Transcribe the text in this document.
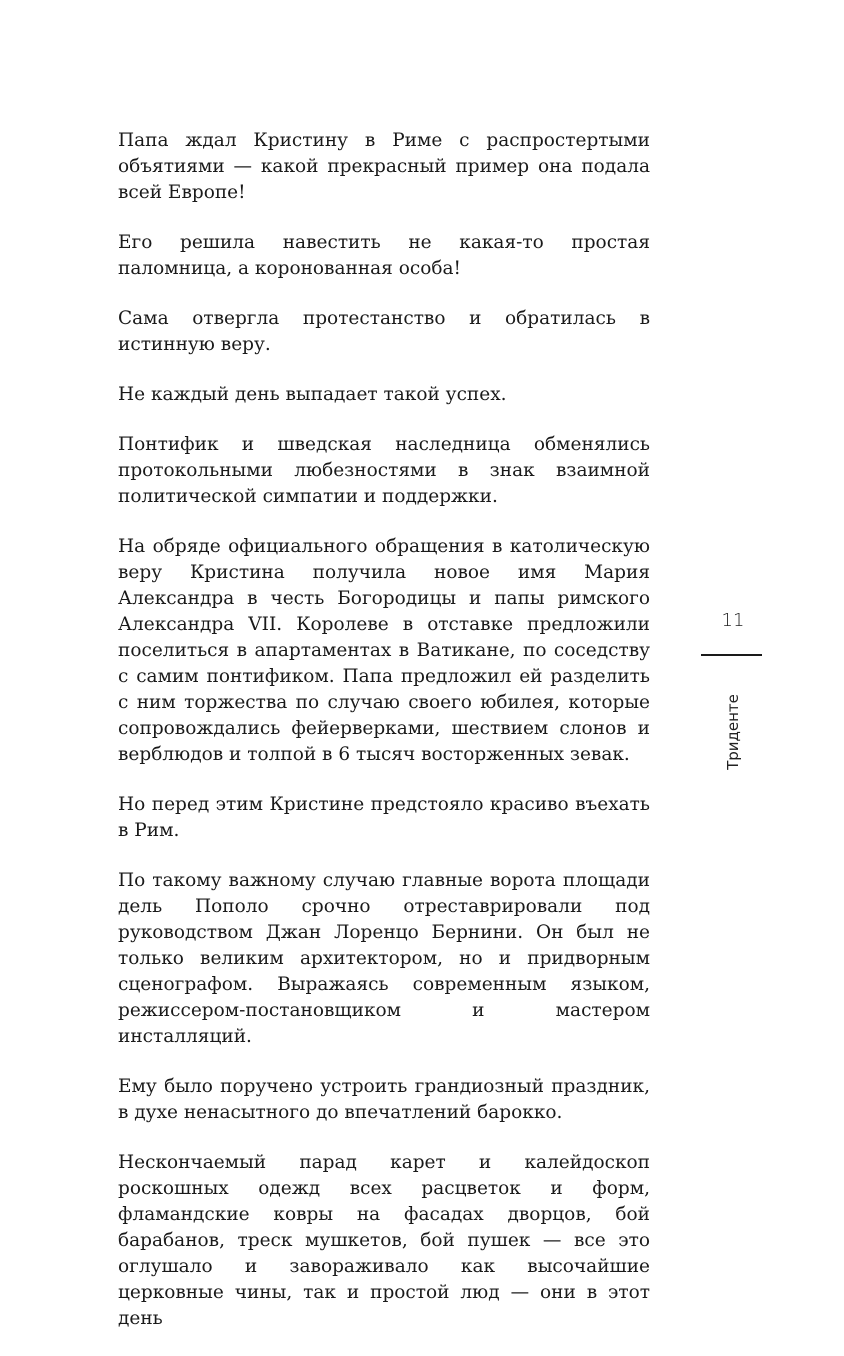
Папа ждал Кристину в Риме с распростертыми объятиями — какой прекрасный пример она подала всей Европе!

Его решила навестить не какая-то простая паломница, а коронованная особа!

Сама отвергла протестанство и обратилась в истинную веру.

Не каждый день выпадает такой успех.

Понтифик и шведская наследница обменялись протокольными любезностями в знак взаимной политической симпатии и поддержки.

На обряде официального обращения в католическую веру Кристина получила новое имя Мария Александра в честь Богородицы и папы римского Александра VII. Королеве в отставке предложили поселиться в апартаментах в Ватикане, по соседству с самим понтификом. Папа предложил ей разделить с ним торжества по случаю своего юбилея, которые сопровождались фейерверками, шествием слонов и верблюдов и толпой в 6 тысяч восторженных зевак.

Но перед этим Кристине предстояло красиво въехать в Рим.

По такому важному случаю главные ворота площади дель Пополо срочно отреставрировали под руководством Джан Лоренцо Бернини. Он был не только великим архитектором, но и придворным сценографом. Выражаясь современным языком, режиссером-постановщиком и мастером инсталляций.

Ему было поручено устроить грандиозный праздник, в духе ненасытного до впечатлений барокко.

Нескончаемый парад карет и калейдоскоп роскошных одежд всех расцветок и форм, фламандские ковры на фасадах дворцов, бой барабанов, треск мушкетов, бой пушек — все это оглушало и завораживало как высочайшие церковные чины, так и простой люд — они в этот день

11
Триденте
